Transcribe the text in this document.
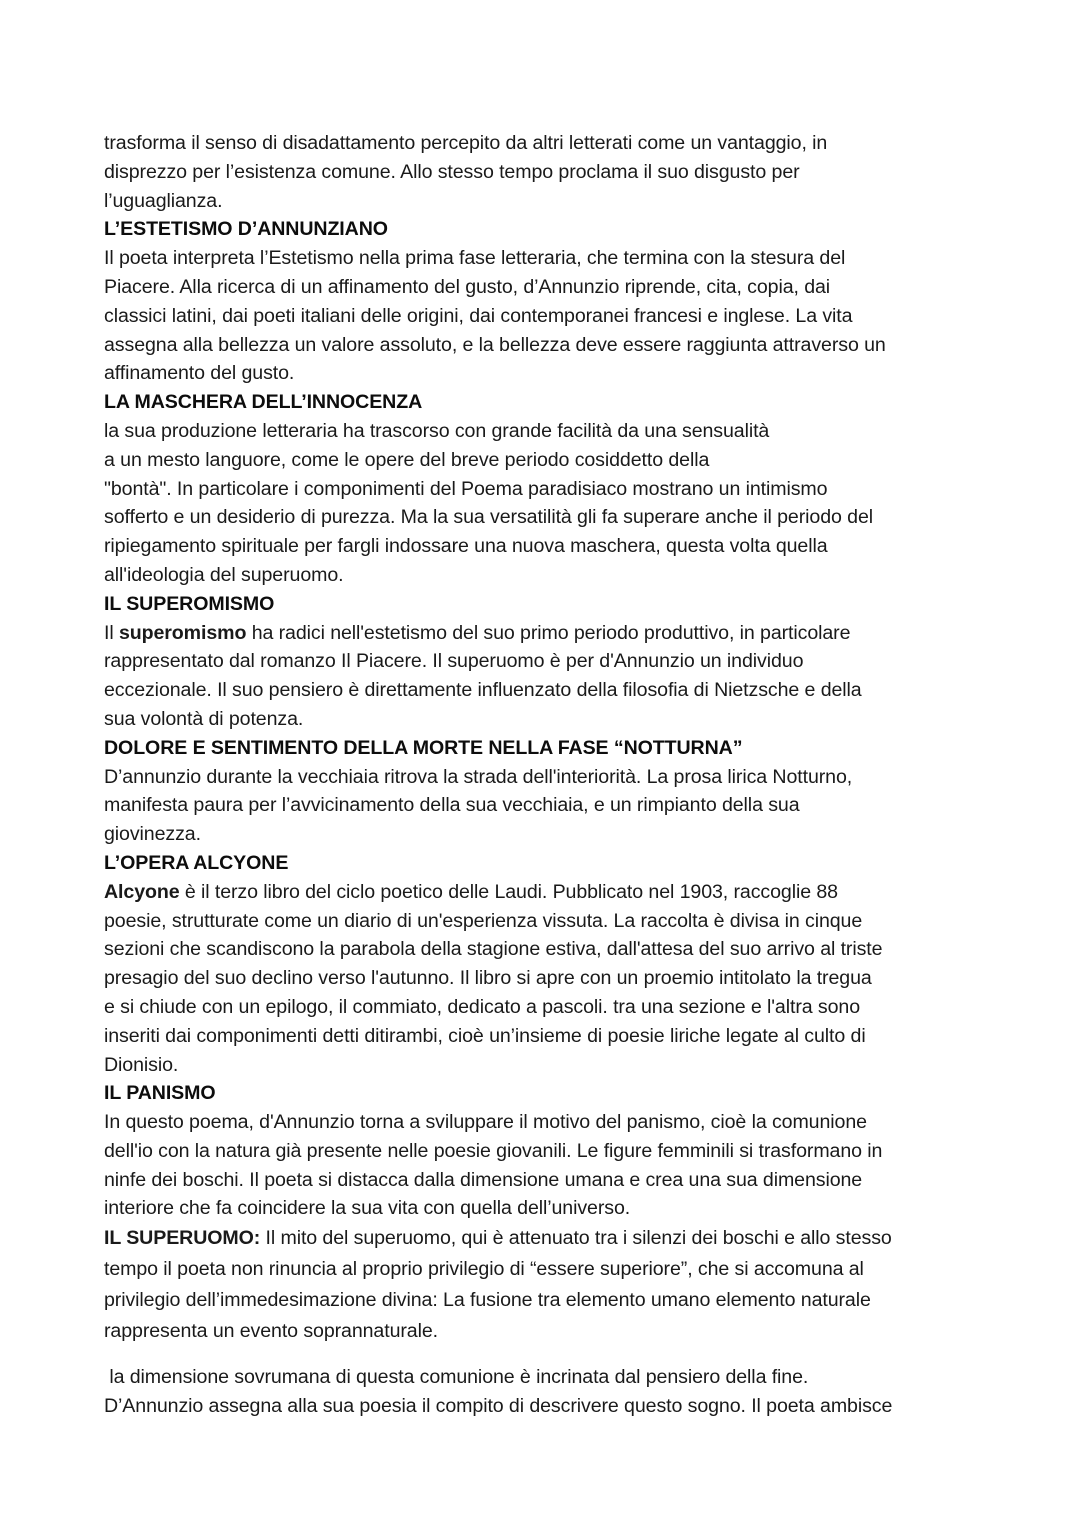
trasforma il senso di disadattamento percepito da altri letterati come un vantaggio, in
disprezzo per l’esistenza comune. Allo stesso tempo proclama il suo disgusto per
l’uguaglianza.
L’ESTETISMO D’ANNUNZIANO
Il poeta interpreta l’Estetismo nella prima fase letteraria, che termina con la stesura del
Piacere. Alla ricerca di un affinamento del gusto, d’Annunzio riprende, cita, copia, dai
classici latini, dai poeti italiani delle origini, dai contemporanei francesi e inglese. La vita
assegna alla bellezza un valore assoluto, e la bellezza deve essere raggiunta attraverso un
affinamento del gusto.
LA MASCHERA DELL’INNOCENZA
la sua produzione letteraria ha trascorso con grande facilità da una sensualità
a un mesto languore, come le opere del breve periodo cosiddetto della
"bontà". In particolare i componimenti del Poema paradisiaco mostrano un intimismo
sofferto e un desiderio di purezza. Ma la sua versatilità gli fa superare anche il periodo del
ripiegamento spirituale per fargli indossare una nuova maschera, questa volta quella
all'ideologia del superuomo.
IL SUPEROMISMO
Il superomismo ha radici nell'estetismo del suo primo periodo produttivo, in particolare
rappresentato dal romanzo Il Piacere. Il superuomo è per d'Annunzio un individuo
eccezionale. Il suo pensiero è direttamente influenzato della filosofia di Nietzsche e della
sua volontà di potenza.
DOLORE E SENTIMENTO DELLA MORTE NELLA FASE “NOTTURNA”
D’annunzio durante la vecchiaia ritrova la strada dell'interiorità. La prosa lirica Notturno,
manifesta paura per l’avvicinamento della sua vecchiaia, e un rimpianto della sua
giovinezza.
L’OPERA ALCYONE
Alcyone è il terzo libro del ciclo poetico delle Laudi. Pubblicato nel 1903, raccoglie 88
poesie, strutturate come un diario di un'esperienza vissuta. La raccolta è divisa in cinque
sezioni che scandiscono la parabola della stagione estiva, dall'attesa del suo arrivo al triste
presagio del suo declino verso l'autunno. Il libro si apre con un proemio intitolato la tregua
e si chiude con un epilogo, il commiato, dedicato a pascoli. tra una sezione e l'altra sono
inseriti dai componimenti detti ditirambi, cioè un’insieme di poesie liriche legate al culto di
Dionisio.
IL PANISMO
In questo poema, d'Annunzio torna a sviluppare il motivo del panismo, cioè la comunione
dell'io con la natura già presente nelle poesie giovanili. Le figure femminili si trasformano in
ninfe dei boschi. Il poeta si distacca dalla dimensione umana e crea una sua dimensione
interiore che fa coincidere la sua vita con quella dell’universo.
IL SUPERUOMO: Il mito del superuomo, qui è attenuato tra i silenzi dei boschi e allo stesso
tempo il poeta non rinuncia al proprio privilegio di “essere superiore”, che si accomuna al
privilegio dell’immedesimazione divina: La fusione tra elemento umano elemento naturale
rappresenta un evento soprannaturale.
la dimensione sovrumana di questa comunione è incrinata dal pensiero della fine.
D’Annunzio assegna alla sua poesia il compito di descrivere questo sogno. Il poeta ambisce
